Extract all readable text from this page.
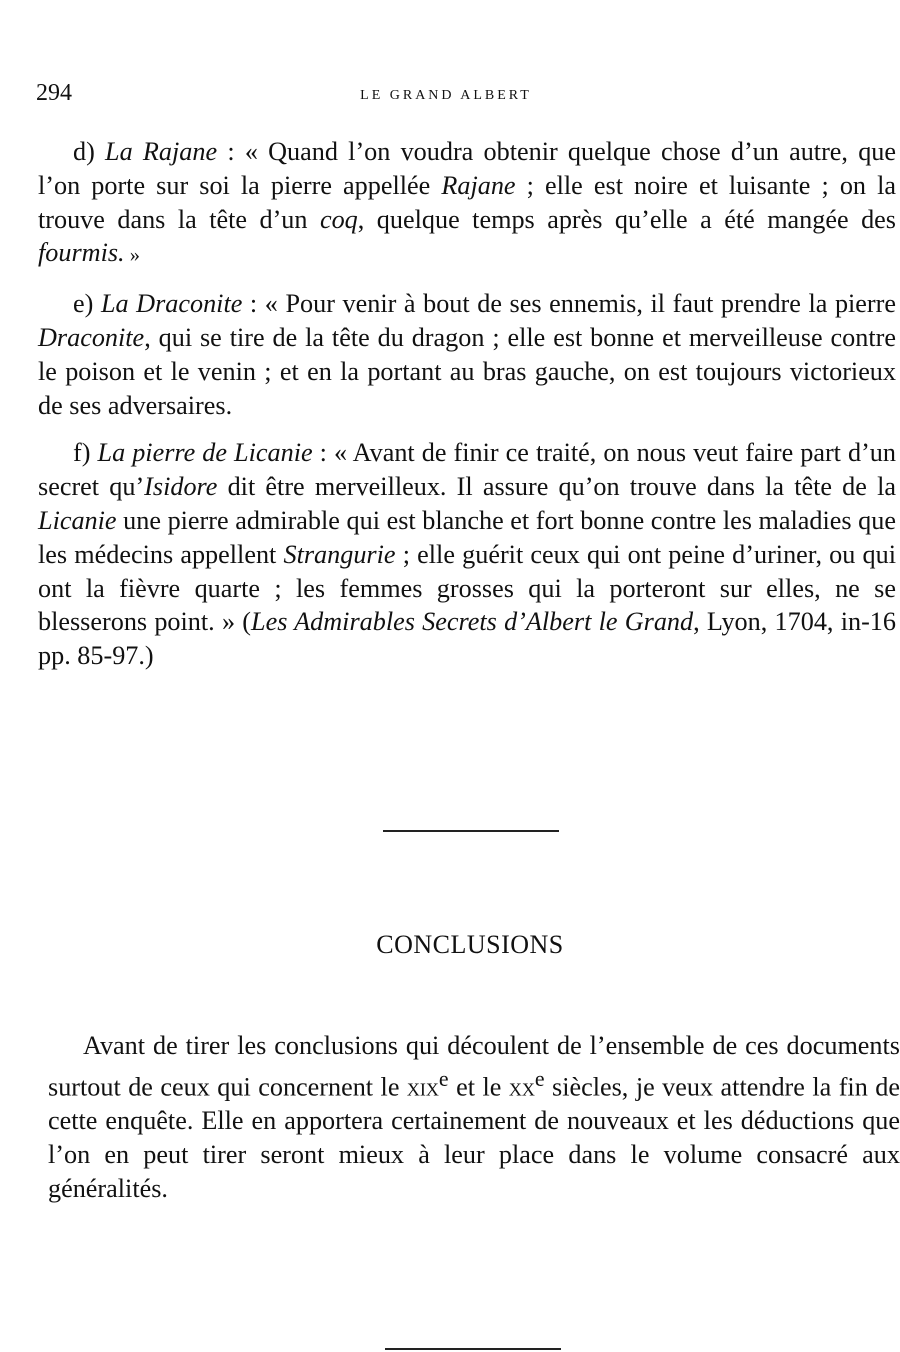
294	LE GRAND ALBERT

d) La Rajane : « Quand l’on voudra obtenir quelque chose d’un autre, que l’on porte sur soi la pierre appellée Rajane ; elle est noire et luisante ; on la trouve dans la tête d’un coq, quelque temps après qu’elle a été mangée des fourmis. »

e) La Draconite : « Pour venir à bout de ses ennemis, il faut prendre la pierre Draconite, qui se tire de la tête du dragon ; elle est bonne et merveilleuse contre le poison et le venin ; et en la portant au bras gauche, on est toujours victorieux de ses adversaires.

f) La pierre de Licanie : « Avant de finir ce traité, on nous veut faire part d’un secret qu’Isidore dit être merveilleux. Il assure qu’on trouve dans la tête de la Licanie une pierre admirable qui est blanche et fort bonne contre les maladies que les médecins appellent Strangurie ; elle guérit ceux qui ont peine d’uriner, ou qui ont la fièvre quarte ; les femmes grosses qui la porteront sur elles, ne se blesserons point. » (Les Admirables Secrets d’Albert le Grand, Lyon, 1704, in-16 pp. 85-97.)

CONCLUSIONS

Avant de tirer les conclusions qui découlent de l’ensemble de ces documents surtout de ceux qui concernent le xix$^e$ et le $xx^e$ siècles, je veux attendre la fin de cette enquête. Elle en apportera certainement de nouveaux et les déductions que l’on en peut tirer seront mieux à leur place dans le volume consacré aux généralités.
